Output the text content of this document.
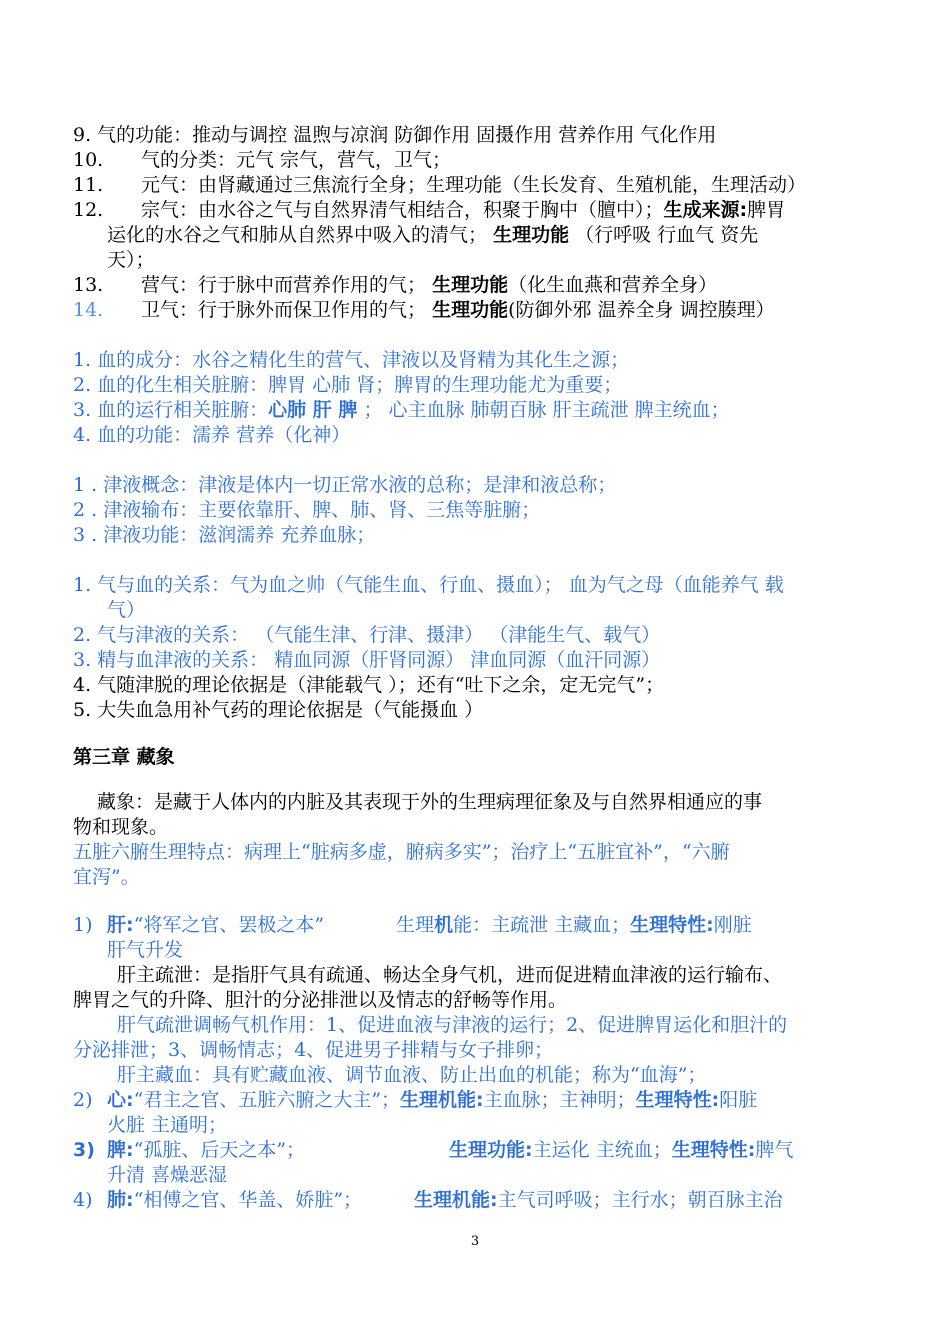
9. 气的功能：推动与调控 温煦与凉润 防御作用 固摄作用 营养作用 气化作用
10. 气的分类：元气 宗气，营气，卫气；
11. 元气：由肾藏通过三焦流行全身；生理功能（生长发育、生殖机能，生理活动）
12. 宗气：由水谷之气与自然界清气相结合，积聚于胸中（膻中）；生成来源:脾胃
运化的水谷之气和肺从自然界中吸入的清气； 生理功能 （行呼吸 行血气 资先
天）；
13. 营气：行于脉中而营养作用的气； 生理功能（化生血燕和营养全身）
14. 卫气：行于脉外而保卫作用的气； 生理功能(防御外邪 温养全身 调控腠理）
1. 血的成分：水谷之精化生的营气、津液以及肾精为其化生之源；
2. 血的化生相关脏腑：脾胃 心肺 肾；脾胃的生理功能尤为重要；
3. 血的运行相关脏腑：心肺 肝 脾 ； 心主血脉 肺朝百脉 肝主疏泄 脾主统血；
4. 血的功能：濡养 营养（化神）
1 . 津液概念：津液是体内一切正常水液的总称；是津和液总称；
2 . 津液输布：主要依靠肝、脾、肺、肾、三焦等脏腑；
3 . 津液功能：滋润濡养 充养血脉；
1. 气与血的关系：气为血之帅（气能生血、行血、摄血）； 血为气之母（血能养气 载
气）
2. 气与津液的关系： （气能生津、行津、摄津） （津能生气、载气）
3. 精与血津液的关系： 精血同源（肝肾同源） 津血同源（血汗同源）
4. 气随津脱的理论依据是（津能载气 ）；还有“吐下之余，定无完气”；
5. 大失血急用补气药的理论依据是（气能摄血 ）
第三章 藏象
藏象：是藏于人体内的内脏及其表现于外的生理病理征象及与自然界相通应的事
物和现象。
五脏六腑生理特点：病理上“脏病多虚，腑病多实”；治疗上“五脏宜补”，“六腑
宜泻”。
1) 肝:“将军之官、罢极之本”	生理机能：主疏泄 主藏血；生理特性:刚脏
肝气升发
肝主疏泄：是指肝气具有疏通、畅达全身气机，进而促进精血津液的运行输布、
脾胃之气的升降、胆汁的分泌排泄以及情志的舒畅等作用。
肝气疏泄调畅气机作用：1、促进血液与津液的运行；2、促进脾胃运化和胆汁的
分泌排泄；3、调畅情志；4、促进男子排精与女子排卵；
肝主藏血：具有贮藏血液、调节血液、防止出血的机能；称为“血海”；
2) 心:“君主之官、五脏六腑之大主”；生理机能:主血脉；主神明；生理特性:阳脏
火脏 主通明；
3) 脾:“孤脏、后天之本”；	生理功能:主运化 主统血；生理特性:脾气
升清 喜燥恶湿
4) 肺:“相傅之官、华盖、娇脏”；	生理机能:主气司呼吸；主行水；朝百脉主治
3
